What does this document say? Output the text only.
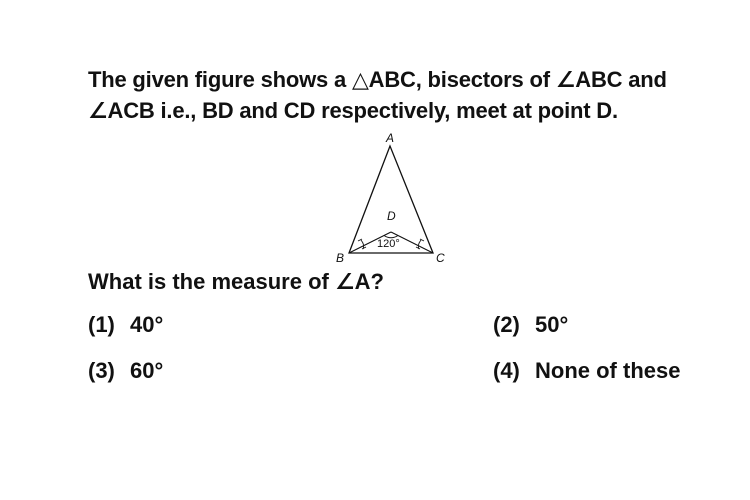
The given figure shows a △ABC, bisectors of ∠ABC and
∠ACB i.e., BD and CD respectively, meet at point D.
A
B	C
D
120°
What is the measure of ∠A?
(1) 40°	(2) 50°
(3) 60°	(4) None of these
